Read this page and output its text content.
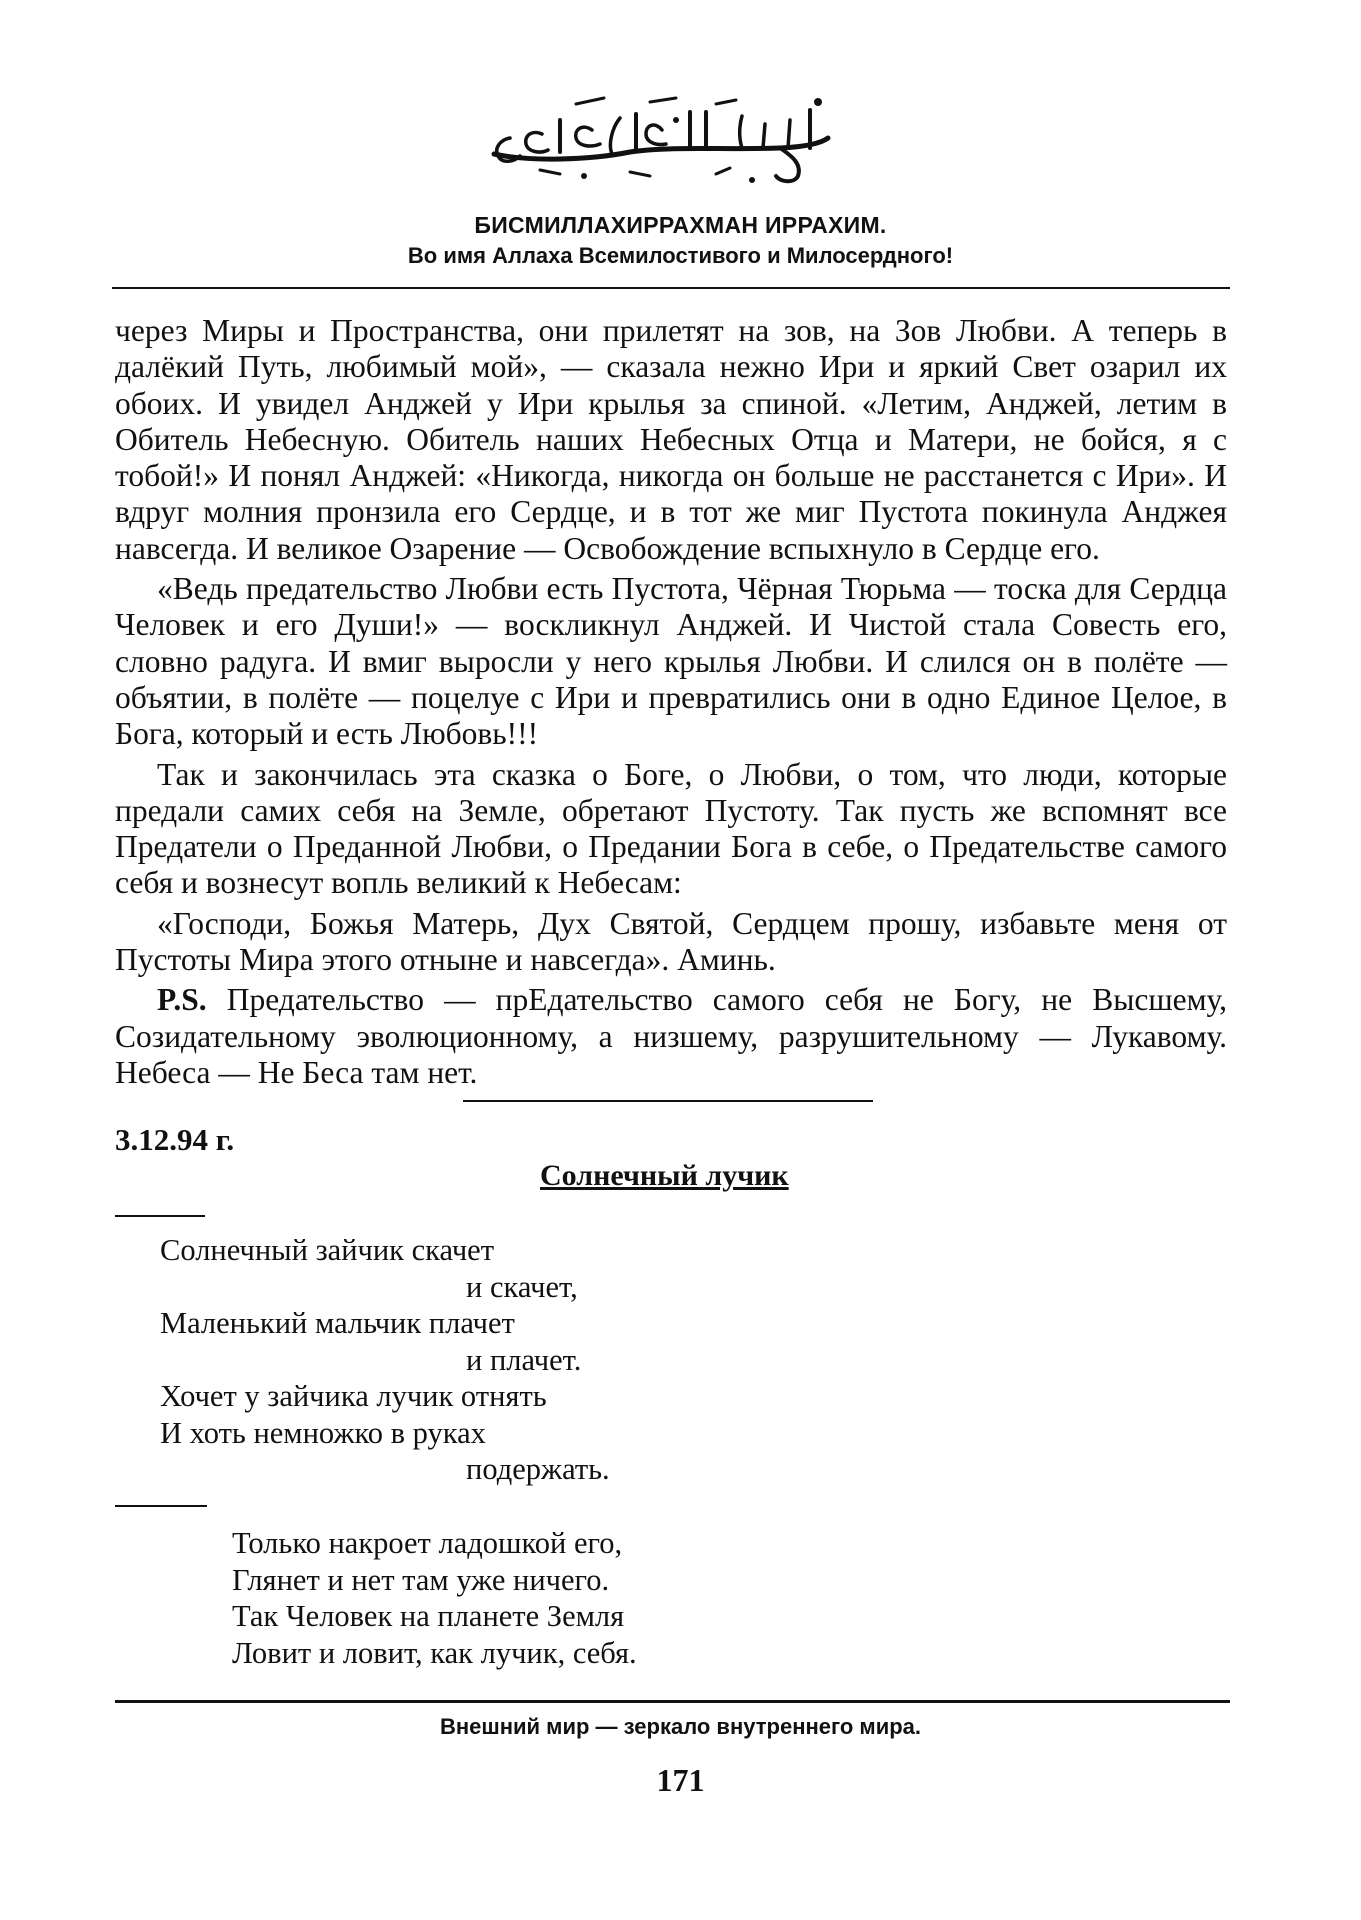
БИСМИЛЛАХИРРАХМАН ИРРАХИМ.
Во имя Аллаха Всемилостивого и Милосердного!

через Миры и Пространства, они прилетят на зов, на Зов Любви. А теперь в далёкий Путь, любимый мой», — сказала нежно Ири и яркий Свет озарил их обоих. И увидел Анджей у Ири крылья за спиной. «Летим, Анджей, летим в Обитель Небесную. Обитель наших Небесных Отца и Матери, не бойся, я с тобой!» И понял Анджей: «Никогда, никогда он больше не расстанется с Ири». И вдруг молния пронзила его Сердце, и в тот же миг Пустота покинула Анджея навсегда. И великое Озарение — Освобождение вспыхнуло в Сердце его.

«Ведь предательство Любви есть Пустота, Чёрная Тюрьма — тоска для Сердца Человек и его Души!» — воскликнул Анджей. И Чистой стала Совесть его, словно радуга. И вмиг выросли у него крылья Любви. И слился он в полёте — объятии, в полёте — поцелуе с Ири и превратились они в одно Единое Целое, в Бога, который и есть Любовь!!!

Так и закончилась эта сказка о Боге, о Любви, о том, что люди, которые предали самих себя на Земле, обретают Пустоту. Так пусть же вспомнят все Предатели о Преданной Любви, о Предании Бога в себе, о Предательстве самого себя и вознесут вопль великий к Небесам:

«Господи, Божья Матерь, Дух Святой, Сердцем прошу, избавьте меня от Пустоты Мира этого отныне и навсегда». Аминь.

P.S. Предательство — прЕдательство самого себя не Богу, не Высшему, Созидательному эволюционному, а низшему, разрушительному — Лукавому. Небеса — Не Беса там нет.

3.12.94 г.
Солнечный лучик
Солнечный зайчик скачет
и скачет,
Маленький мальчик плачет
и плачет.
Хочет у зайчика лучик отнять
И хоть немножко в руках
подержать.
Только накроет ладошкой его,
Глянет и нет там уже ничего.
Так Человек на планете Земля
Ловит и ловит, как лучик, себя.
Внешний мир — зеркало внутреннего мира.
171
